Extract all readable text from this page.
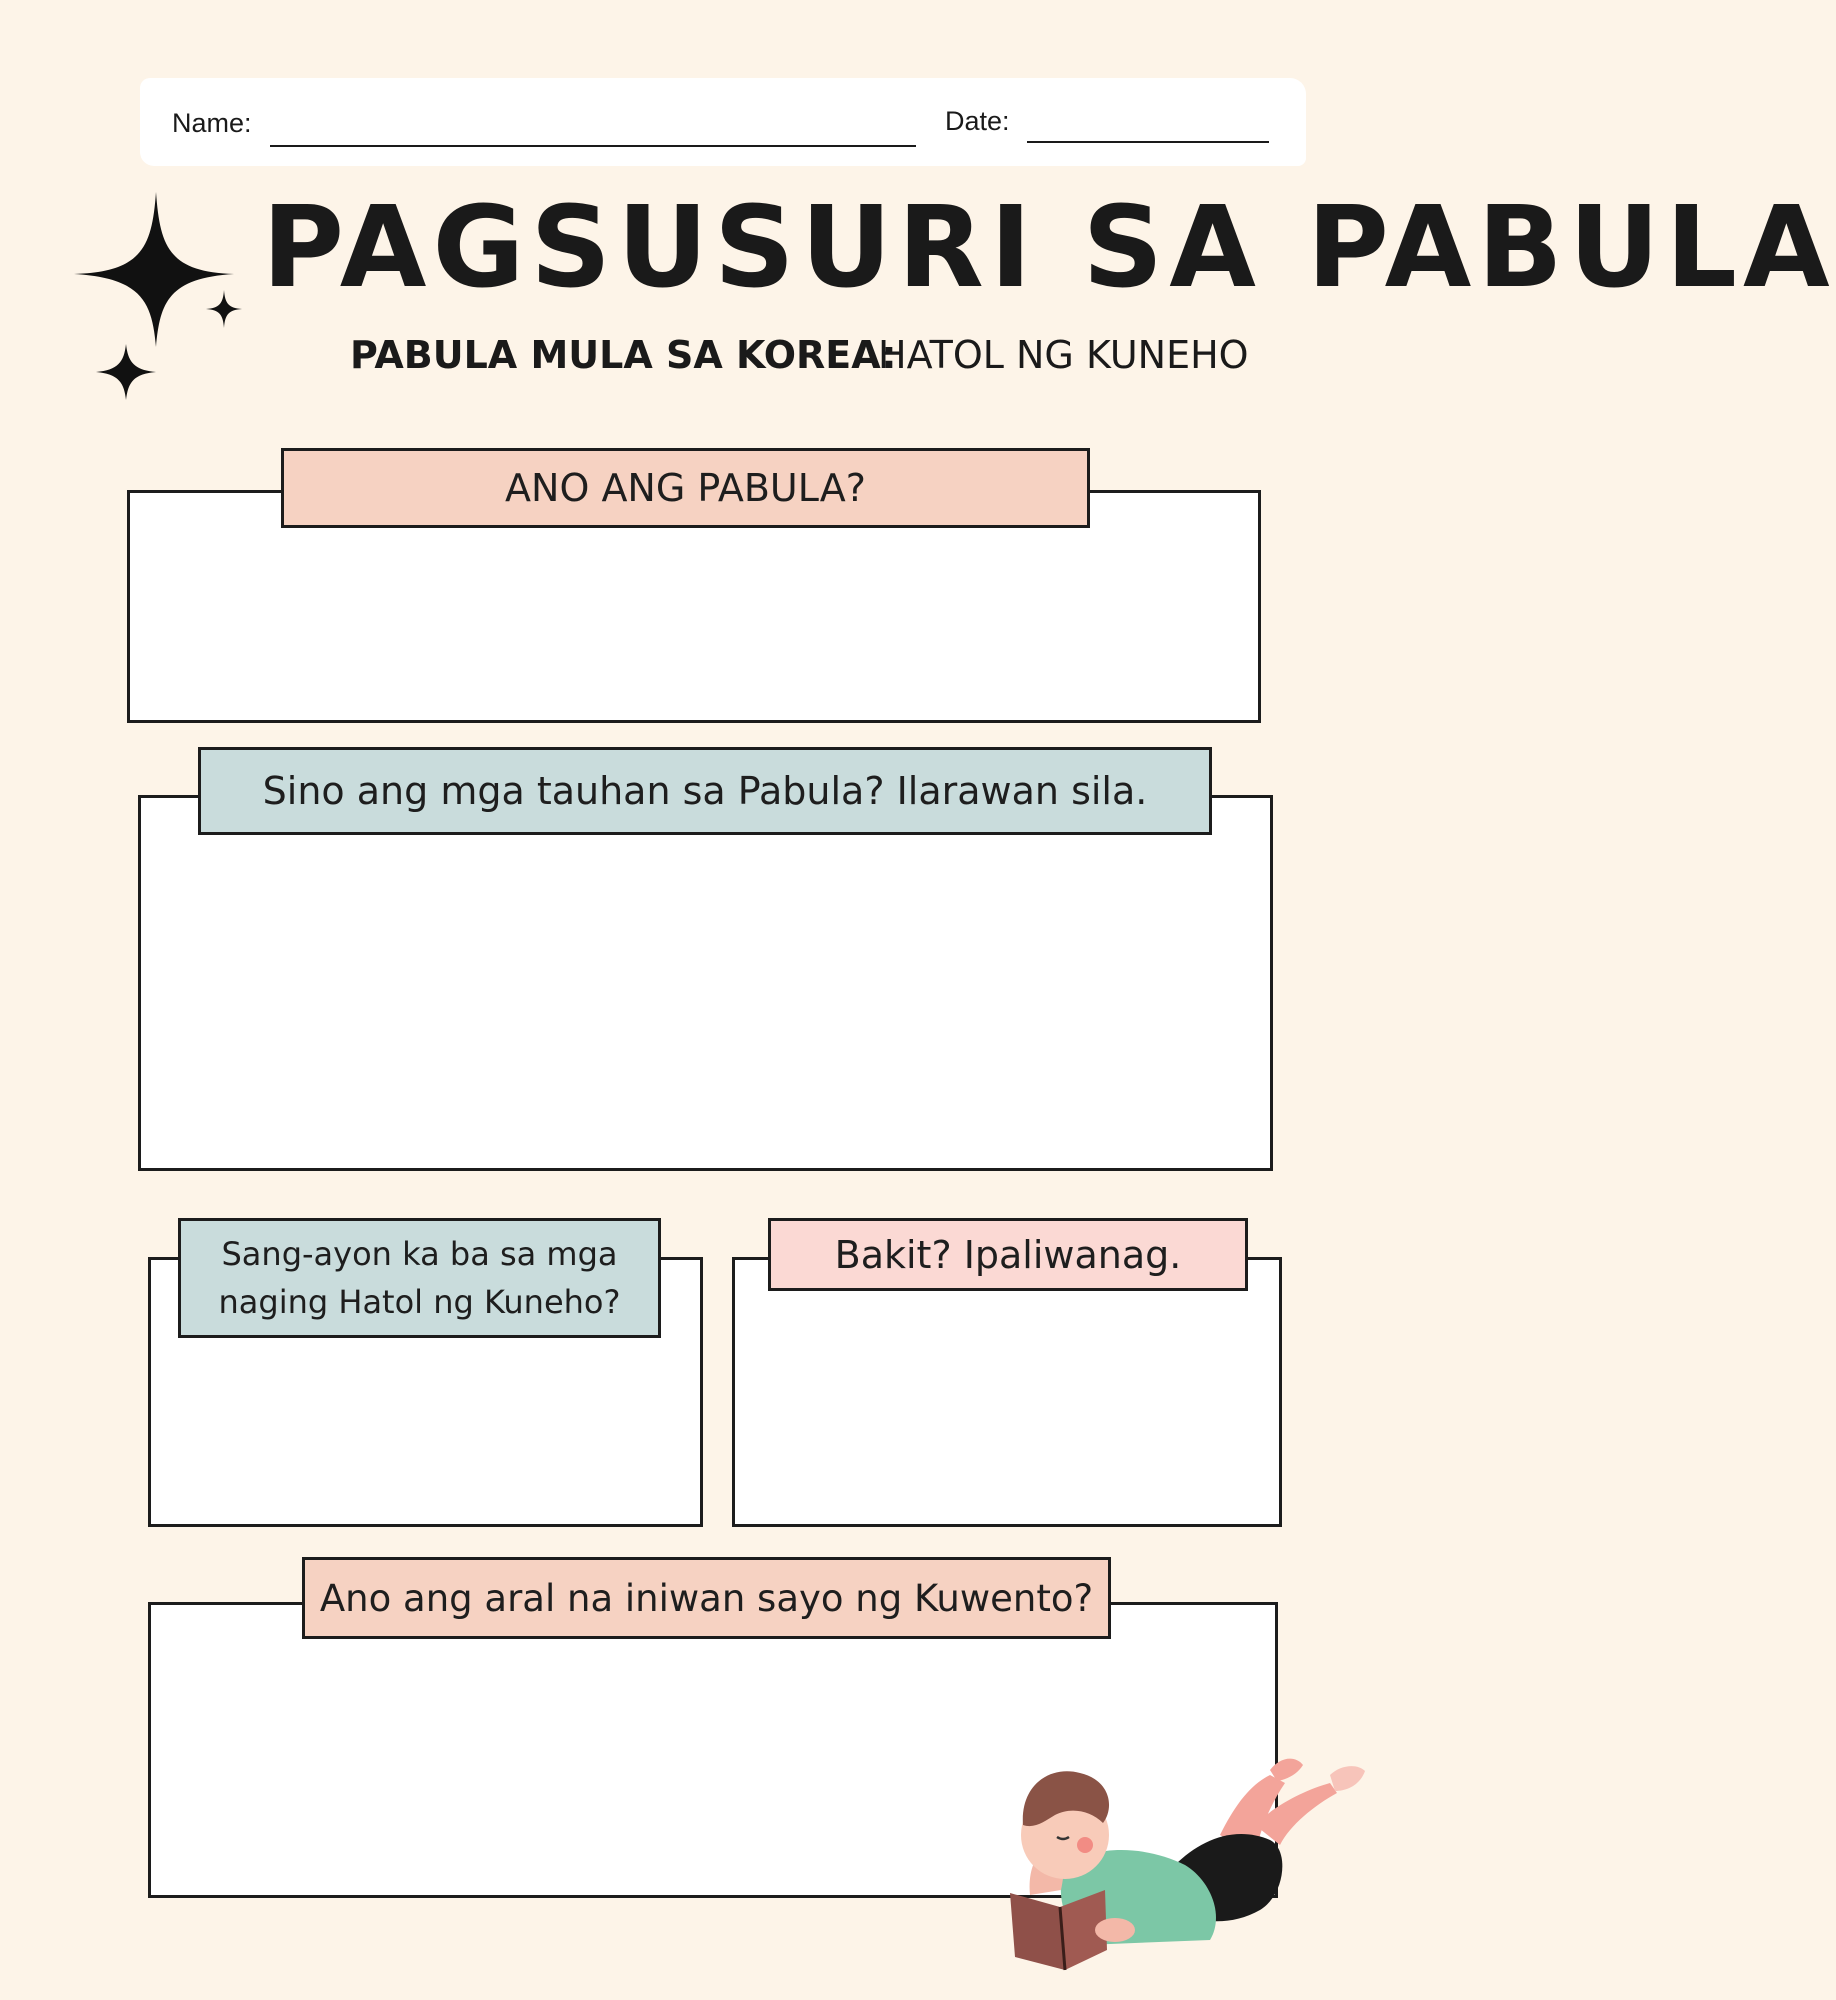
Name:	Date:
PAGSUSURI SA PABULA
PABULA MULA SA KOREA:
HATOL NG KUNEHO
ANO ANG PABULA?
Sino ang mga tauhan sa Pabula? Ilarawan sila.
Sang-ayon ka ba sa mga naging Hatol ng Kuneho?
Bakit? Ipaliwanag.
Ano ang aral na iniwan sayo ng Kuwento?
